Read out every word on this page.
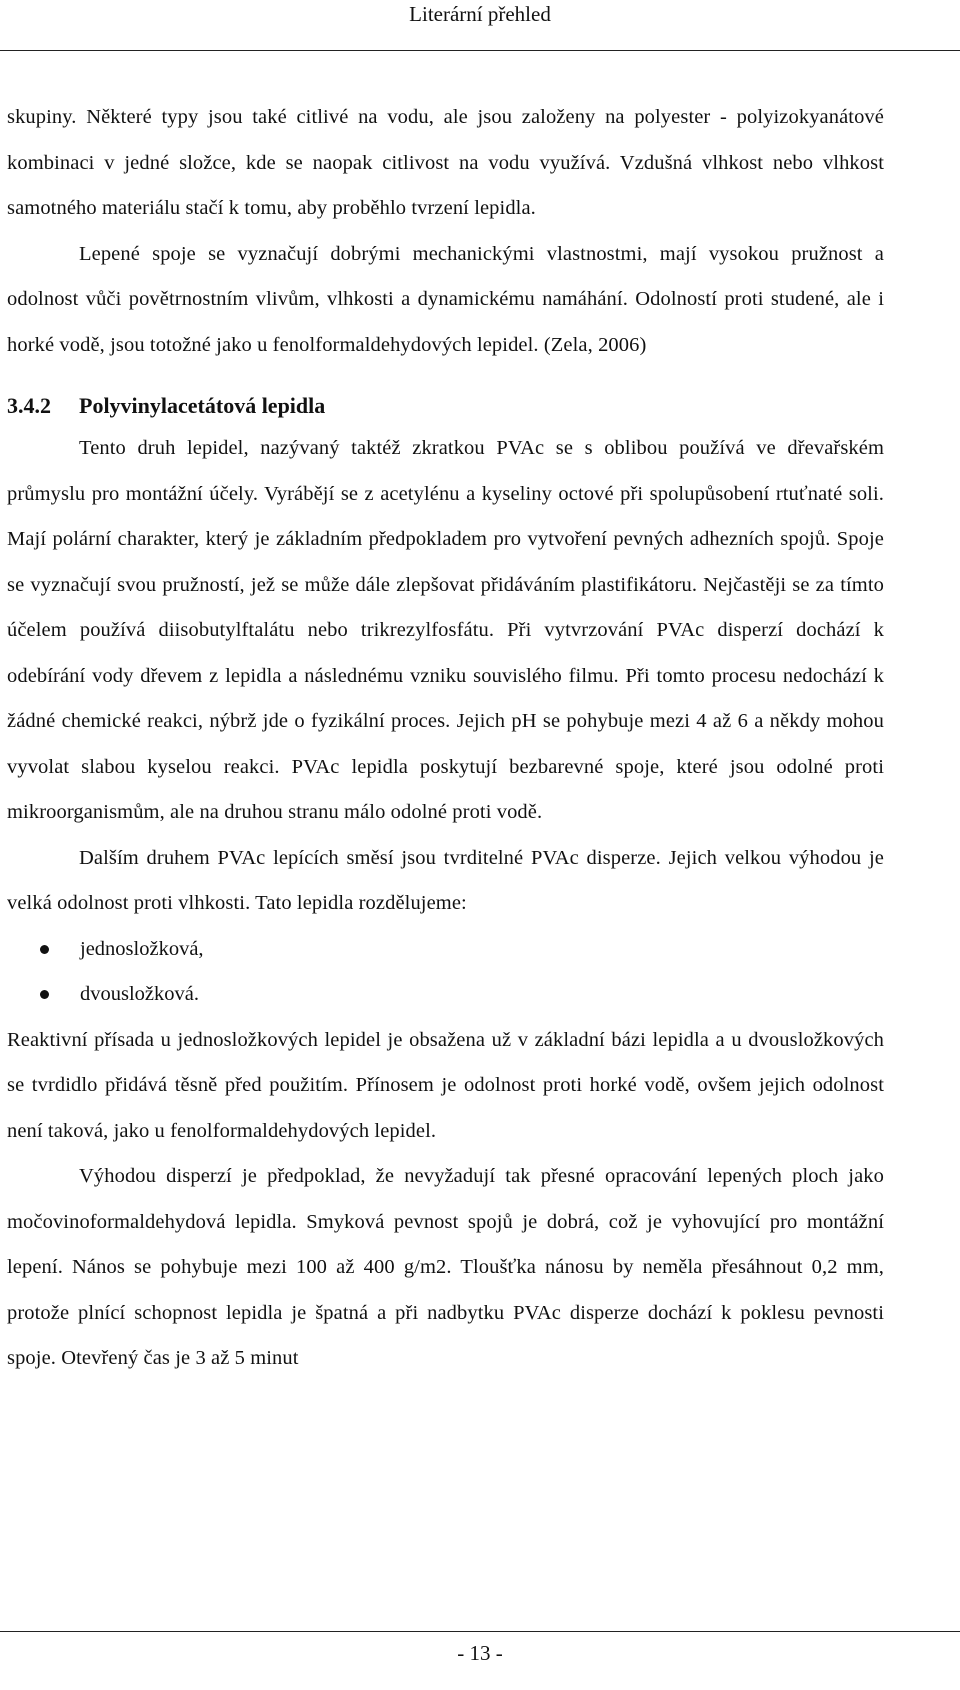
Literární přehled

skupiny. Některé typy jsou také citlivé na vodu, ale jsou založeny na polyester - polyizokyanátové kombinaci v jedné složce, kde se naopak citlivost na vodu využívá. Vzdušná vlhkost nebo vlhkost samotného materiálu stačí k tomu, aby proběhlo tvrzení lepidla.

Lepené spoje se vyznačují dobrými mechanickými vlastnostmi, mají vysokou pružnost a odolnost vůči povětrnostním vlivům, vlhkosti a dynamickému namáhání. Odolností proti studené, ale i horké vodě, jsou totožné jako u fenolformaldehydových lepidel. (Zela, 2006)

3.4.2	Polyvinylacetátová lepidla

Tento druh lepidel, nazývaný taktéž zkratkou PVAc se s oblibou používá ve dřevařském průmyslu pro montážní účely. Vyrábějí se z acetylénu a kyseliny octové při spolupůsobení rtuťnaté soli. Mají polární charakter, který je základním předpokladem pro vytvoření pevných adhezních spojů. Spoje se vyznačují svou pružností, jež se může dále zlepšovat přidáváním plastifikátoru. Nejčastěji se za tímto účelem používá diisobutylftalátu nebo trikrezylfosfátu. Při vytvrzování PVAc disperzí dochází k odebírání vody dřevem z lepidla a následnému vzniku souvislého filmu. Při tomto procesu nedochází k žádné chemické reakci, nýbrž jde o fyzikální proces. Jejich pH se pohybuje mezi 4 až 6 a někdy mohou vyvolat slabou kyselou reakci. PVAc lepidla poskytují bezbarevné spoje, které jsou odolné proti mikroorganismům, ale na druhou stranu málo odolné proti vodě.

Dalším druhem PVAc lepících směsí jsou tvrditelné PVAc disperze. Jejich velkou výhodou je velká odolnost proti vlhkosti. Tato lepidla rozdělujeme:

jednosložková,
dvousložková.

Reaktivní přísada u jednosložkových lepidel je obsažena už v základní bázi lepidla a u dvousložkových se tvrdidlo přidává těsně před použitím. Přínosem je odolnost proti horké vodě, ovšem jejich odolnost není taková, jako u fenolformaldehydových lepidel.

Výhodou disperzí je předpoklad, že nevyžadují tak přesné opracování lepených ploch jako močovinoformaldehydová lepidla. Smyková pevnost spojů je dobrá, což je vyhovující pro montážní lepení. Nános se pohybuje mezi 100 až 400 g/m2. Tloušťka nánosu by neměla přesáhnout 0,2 mm, protože plnící schopnost lepidla je špatná a při nadbytku PVAc disperze dochází k poklesu pevnosti spoje. Otevřený čas je 3 až 5 minut

- 13 -
